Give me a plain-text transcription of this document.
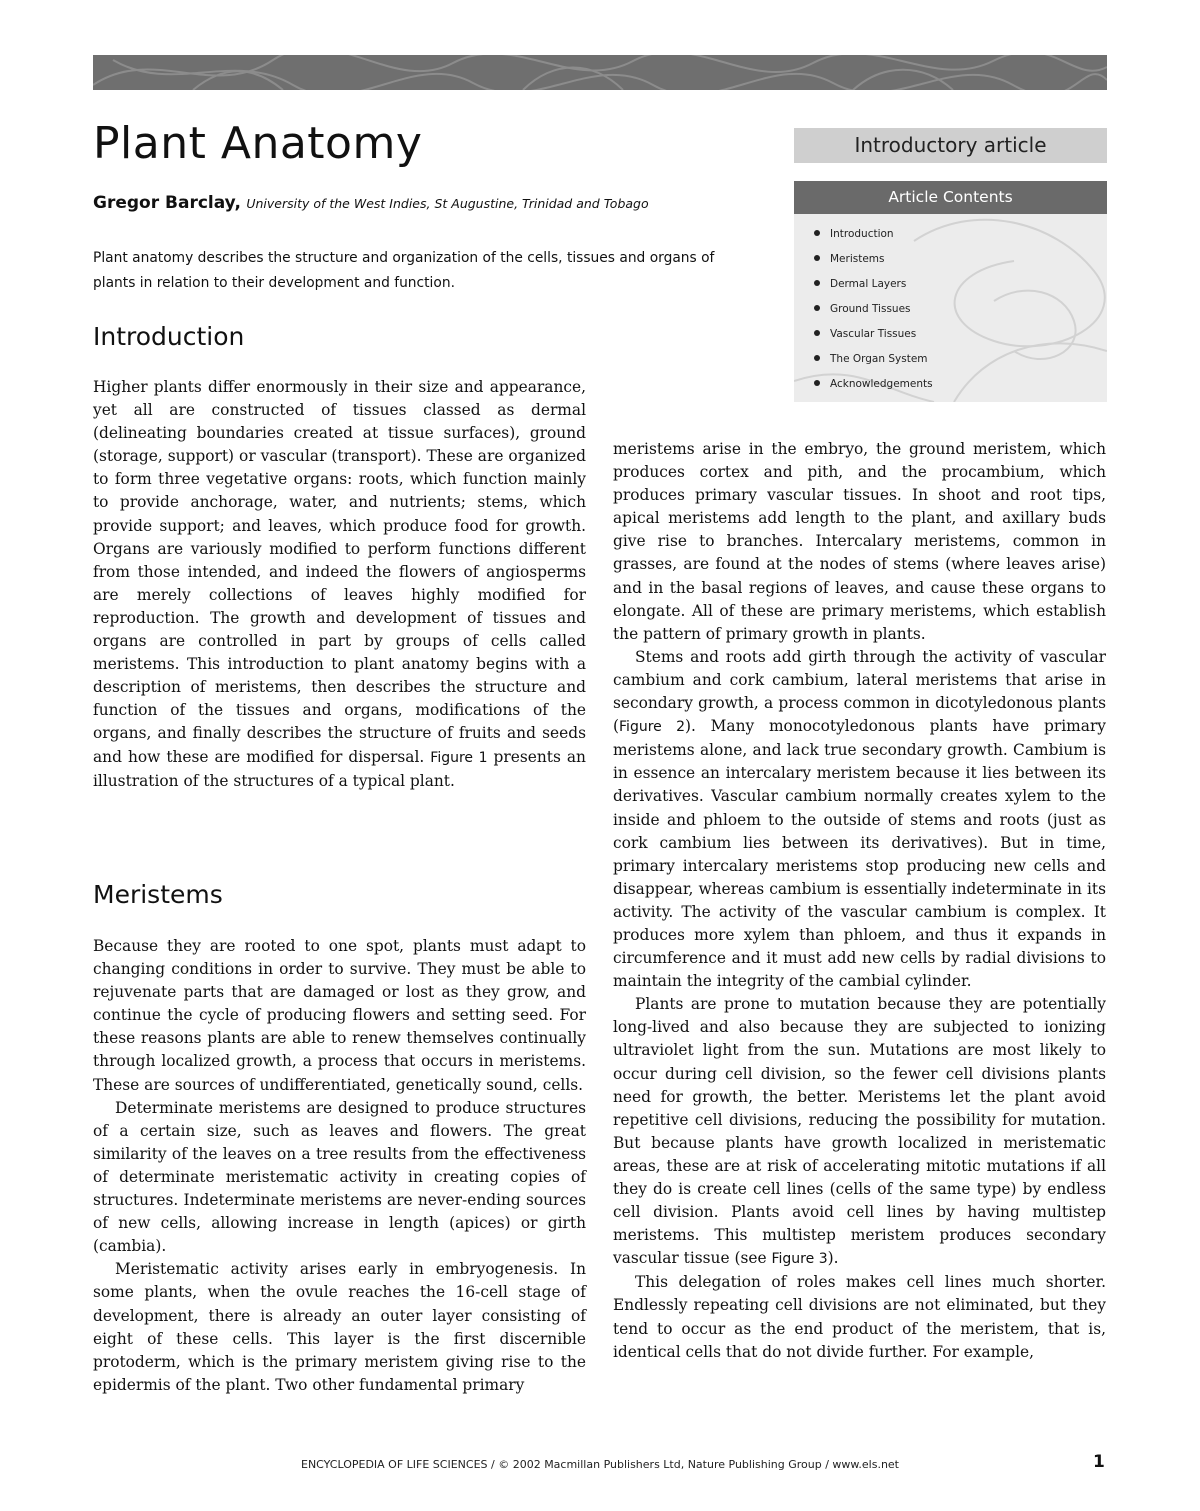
Plant Anatomy
Gregor Barclay, University of the West Indies, St Augustine, Trinidad and Tobago

Plant anatomy describes the structure and organization of the cells, tissues and organs of plants in relation to their development and function.

Introductory article
Article Contents
Introduction
Meristems
Dermal Layers
Ground Tissues
Vascular Tissues
The Organ System
Acknowledgements
Introduction

Higher plants differ enormously in their size and appearance, yet all are constructed of tissues classed as dermal (delineating boundaries created at tissue surfaces), ground (storage, support) or vascular (transport). These are organized to form three vegetative organs: roots, which function mainly to provide anchorage, water, and nutrients; stems, which provide support; and leaves, which produce food for growth. Organs are variously modified to perform functions different from those intended, and indeed the flowers of angiosperms are merely collections of leaves highly modified for reproduction. The growth and development of tissues and organs are controlled in part by groups of cells called meristems. This introduction to plant anatomy begins with a description of meristems, then describes the structure and function of the tissues and organs, modifications of the organs, and finally describes the structure of fruits and seeds and how these are modified for dispersal. Figure 1 presents an illustration of the structures of a typical plant.

Meristems

Because they are rooted to one spot, plants must adapt to changing conditions in order to survive. They must be able to rejuvenate parts that are damaged or lost as they grow, and continue the cycle of producing flowers and setting seed. For these reasons plants are able to renew themselves continually through localized growth, a process that occurs in meristems. These are sources of undifferentiated, genetically sound, cells.

Determinate meristems are designed to produce structures of a certain size, such as leaves and flowers. The great similarity of the leaves on a tree results from the effectiveness of determinate meristematic activity in creating copies of structures. Indeterminate meristems are never-ending sources of new cells, allowing increase in length (apices) or girth (cambia).

Meristematic activity arises early in embryogenesis. In some plants, when the ovule reaches the 16-cell stage of development, there is already an outer layer consisting of eight of these cells. This layer is the first discernible protoderm, which is the primary meristem giving rise to the epidermis of the plant. Two other fundamental primary

meristems arise in the embryo, the ground meristem, which produces cortex and pith, and the procambium, which produces primary vascular tissues. In shoot and root tips, apical meristems add length to the plant, and axillary buds give rise to branches. Intercalary meristems, common in grasses, are found at the nodes of stems (where leaves arise) and in the basal regions of leaves, and cause these organs to elongate. All of these are primary meristems, which establish the pattern of primary growth in plants.

Stems and roots add girth through the activity of vascular cambium and cork cambium, lateral meristems that arise in secondary growth, a process common in dicotyledonous plants (Figure 2). Many monocotyledonous plants have primary meristems alone, and lack true secondary growth. Cambium is in essence an intercalary meristem because it lies between its derivatives. Vascular cambium normally creates xylem to the inside and phloem to the outside of stems and roots (just as cork cambium lies between its derivatives). But in time, primary intercalary meristems stop producing new cells and disappear, whereas cambium is essentially indeterminate in its activity. The activity of the vascular cambium is complex. It produces more xylem than phloem, and thus it expands in circumference and it must add new cells by radial divisions to maintain the integrity of the cambial cylinder.

Plants are prone to mutation because they are potentially long-lived and also because they are subjected to ionizing ultraviolet light from the sun. Mutations are most likely to occur during cell division, so the fewer cell divisions plants need for growth, the better. Meristems let the plant avoid repetitive cell divisions, reducing the possibility for mutation. But because plants have growth localized in meristematic areas, these are at risk of accelerating mitotic mutations if all they do is create cell lines (cells of the same type) by endless cell division. Plants avoid cell lines by having multistep meristems. This multistep meristem produces secondary vascular tissue (see Figure 3).

This delegation of roles makes cell lines much shorter. Endlessly repeating cell divisions are not eliminated, but they tend to occur as the end product of the meristem, that is, identical cells that do not divide further. For example,

ENCYCLOPEDIA OF LIFE SCIENCES / © 2002 Macmillan Publishers Ltd, Nature Publishing Group / www.els.net	1
